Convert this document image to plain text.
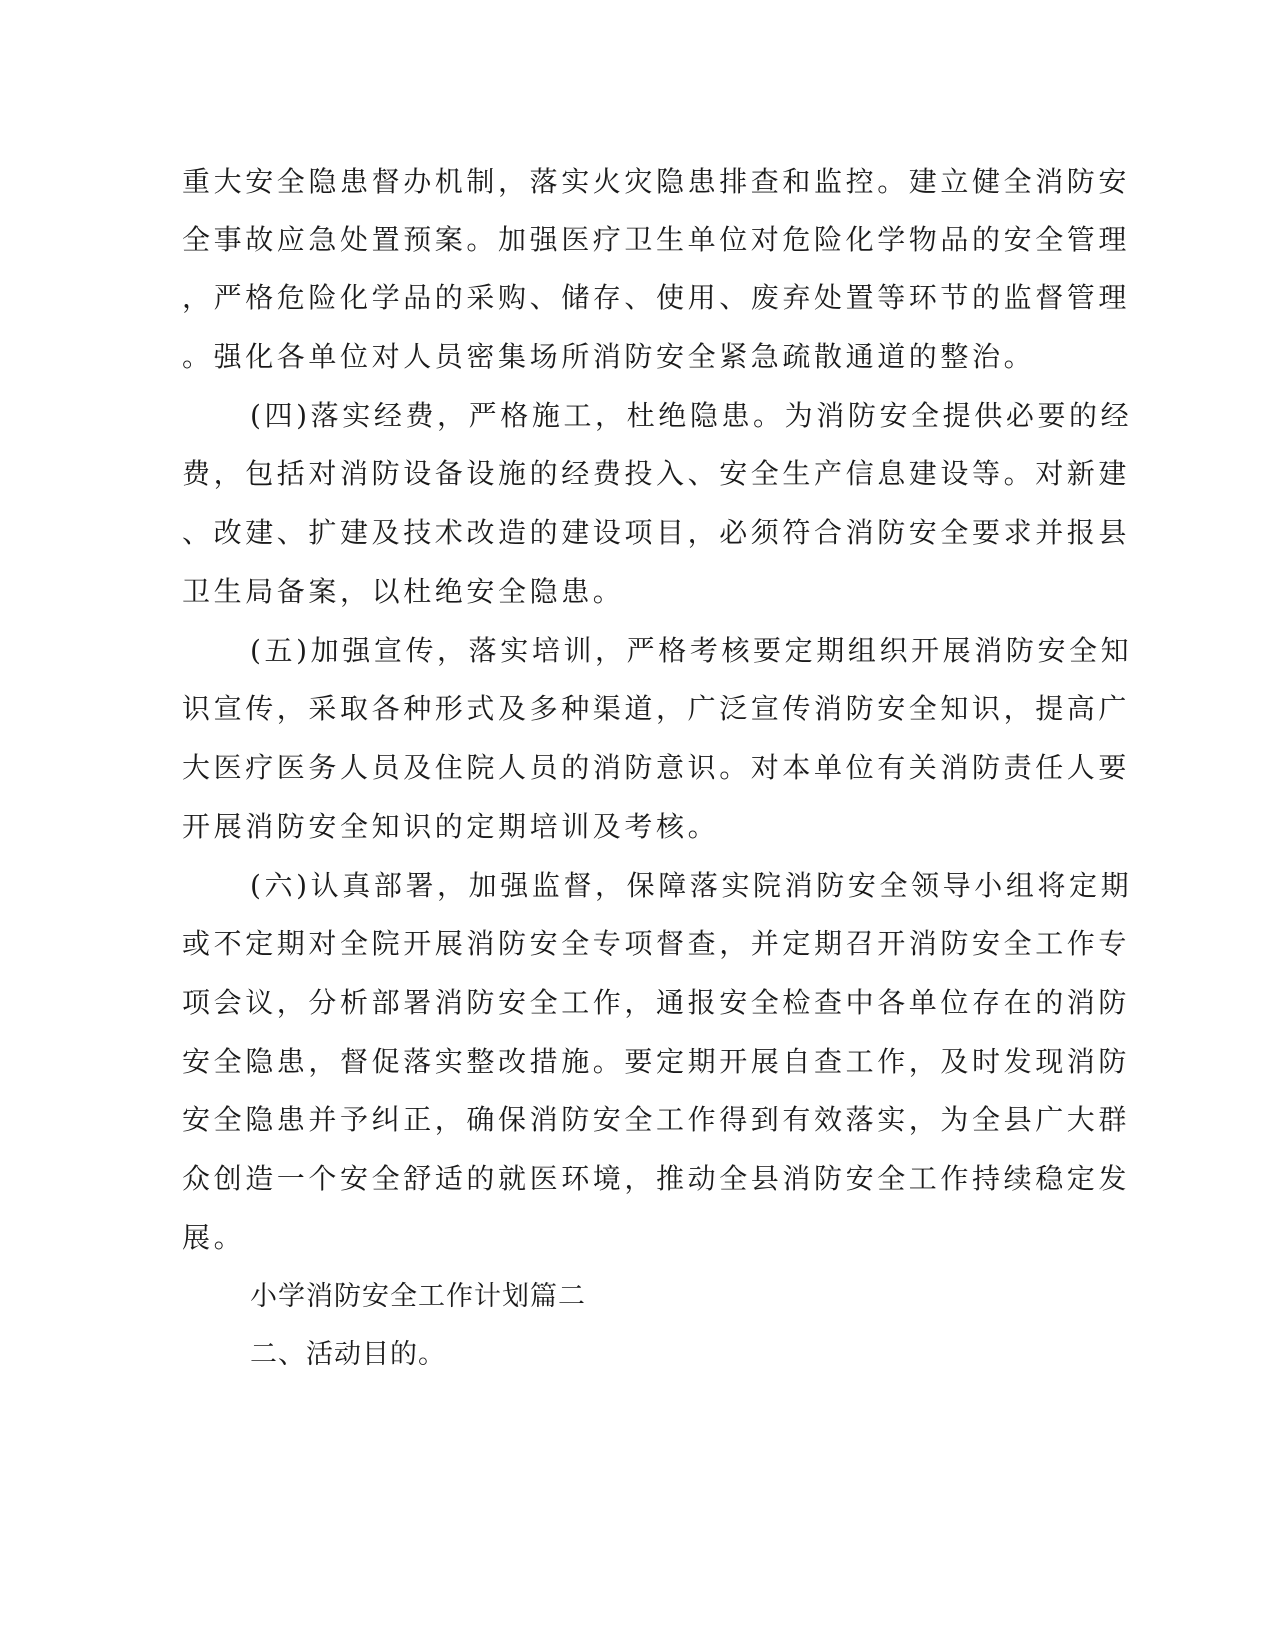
重大安全隐患督办机制，落实火灾隐患排查和监控。建立健全消防安
全事故应急处置预案。加强医疗卫生单位对危险化学物品的安全管理
，严格危险化学品的采购、储存、使用、废弃处置等环节的监督管理
。强化各单位对人员密集场所消防安全紧急疏散通道的整治。
(四)落实经费，严格施工，杜绝隐患。为消防安全提供必要的经
费，包括对消防设备设施的经费投入、安全生产信息建设等。对新建
、改建、扩建及技术改造的建设项目，必须符合消防安全要求并报县
卫生局备案，以杜绝安全隐患。
(五)加强宣传，落实培训，严格考核要定期组织开展消防安全知
识宣传，采取各种形式及多种渠道，广泛宣传消防安全知识，提高广
大医疗医务人员及住院人员的消防意识。对本单位有关消防责任人要
开展消防安全知识的定期培训及考核。
(六)认真部署，加强监督，保障落实院消防安全领导小组将定期
或不定期对全院开展消防安全专项督查，并定期召开消防安全工作专
项会议，分析部署消防安全工作，通报安全检查中各单位存在的消防
安全隐患，督促落实整改措施。要定期开展自查工作，及时发现消防
安全隐患并予纠正，确保消防安全工作得到有效落实，为全县广大群
众创造一个安全舒适的就医环境，推动全县消防安全工作持续稳定发
展。
小学消防安全工作计划篇二
二、活动目的。
